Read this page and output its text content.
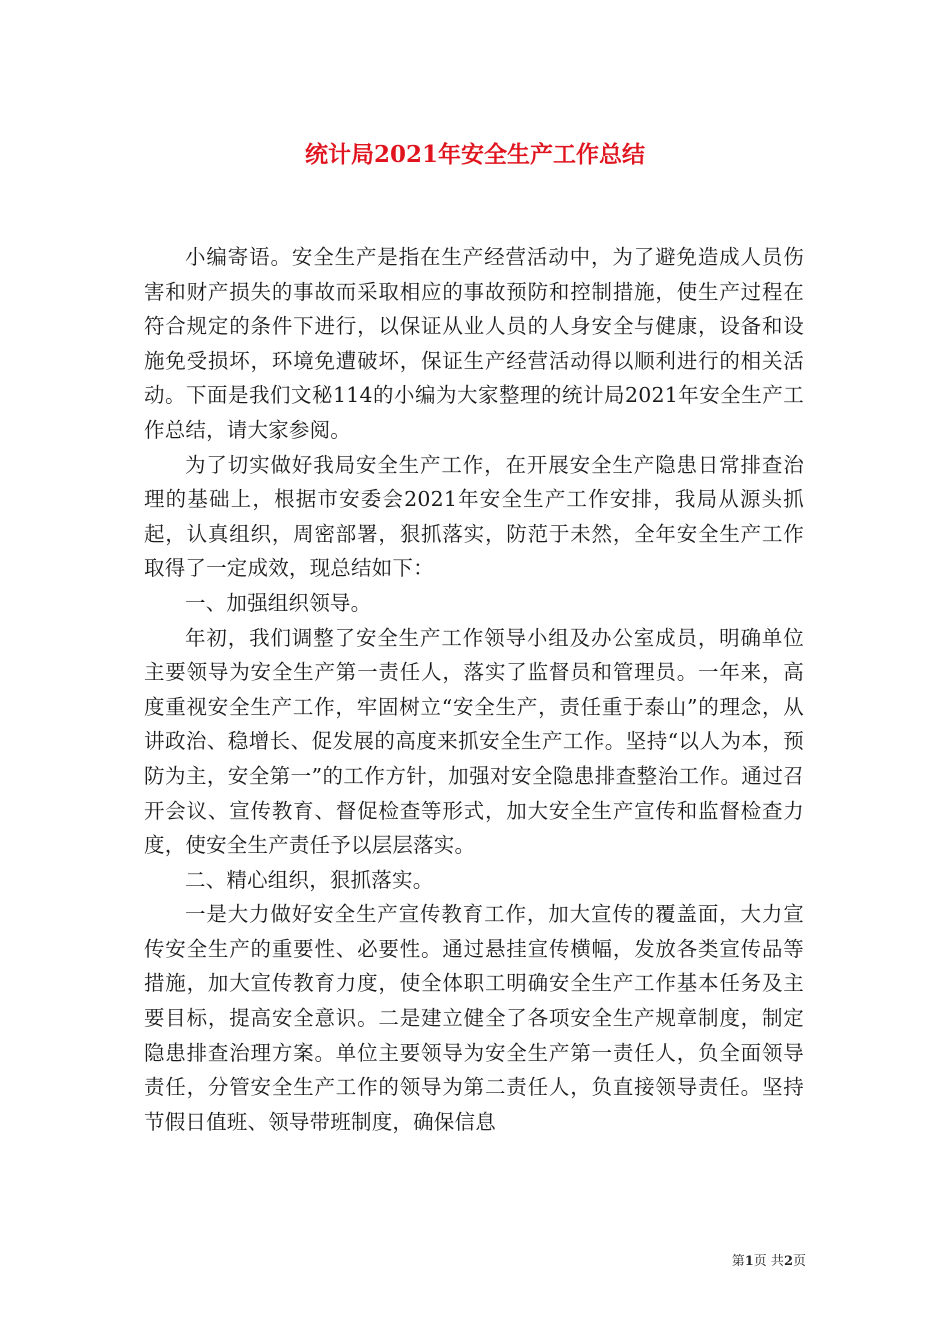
统计局2021年安全生产工作总结

小编寄语。安全生产是指在生产经营活动中，为了避免造成人员伤害和财产损失的事故而采取相应的事故预防和控制措施，使生产过程在符合规定的条件下进行，以保证从业人员的人身安全与健康，设备和设施免受损坏，环境免遭破坏，保证生产经营活动得以顺利进行的相关活动。下面是我们文秘114的小编为大家整理的统计局2021年安全生产工作总结，请大家参阅。

为了切实做好我局安全生产工作，在开展安全生产隐患日常排查治理的基础上，根据市安委会2021年安全生产工作安排，我局从源头抓起，认真组织，周密部署，狠抓落实，防范于未然，全年安全生产工作取得了一定成效，现总结如下：

一、加强组织领导。

年初，我们调整了安全生产工作领导小组及办公室成员，明确单位主要领导为安全生产第一责任人，落实了监督员和管理员。一年来，高度重视安全生产工作，牢固树立“安全生产，责任重于泰山”的理念，从讲政治、稳增长、促发展的高度来抓安全生产工作。坚持“以人为本，预防为主，安全第一”的工作方针，加强对安全隐患排查整治工作。通过召开会议、宣传教育、督促检查等形式，加大安全生产宣传和监督检查力度，使安全生产责任予以层层落实。

二、精心组织，狠抓落实。

一是大力做好安全生产宣传教育工作，加大宣传的覆盖面，大力宣传安全生产的重要性、必要性。通过悬挂宣传横幅，发放各类宣传品等措施，加大宣传教育力度，使全体职工明确安全生产工作基本任务及主要目标，提高安全意识。二是建立健全了各项安全生产规章制度，制定隐患排查治理方案。单位主要领导为安全生产第一责任人，负全面领导责任，分管安全生产工作的领导为第二责任人，负直接领导责任。坚持节假日值班、领导带班制度，确保信息

第1页 共2页
